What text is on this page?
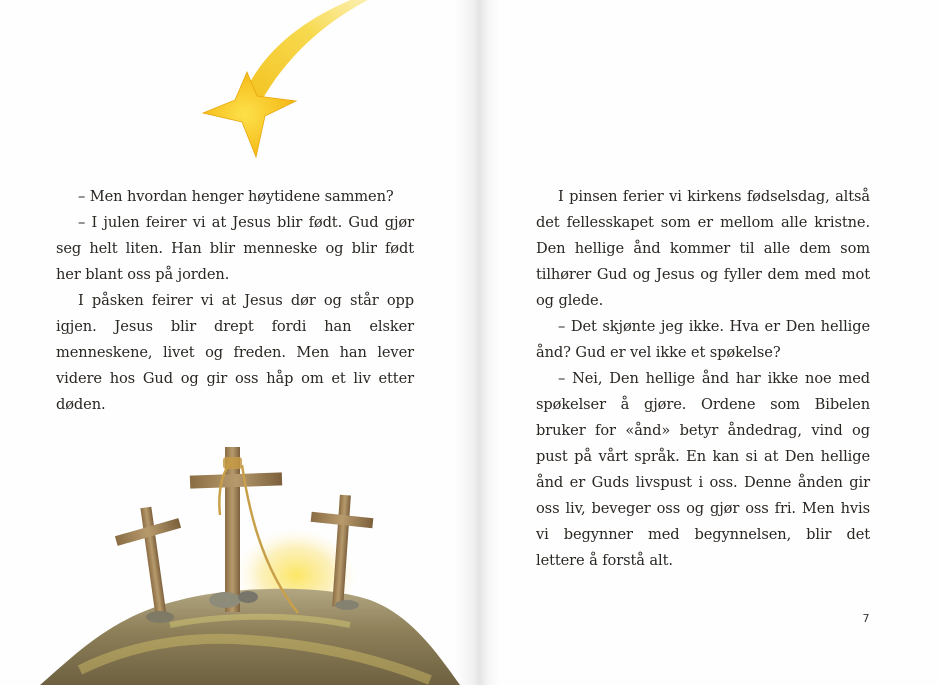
– Men hvordan henger høytidene sammen?

– I julen feirer vi at Jesus blir født. Gud gjør seg helt liten. Han blir menneske og blir født her blant oss på jorden.

I påsken feirer vi at Jesus dør og står opp igjen. Jesus blir drept fordi han elsker menneskene, livet og freden. Men han lever videre hos Gud og gir oss håp om et liv etter døden.

I pinsen ferier vi kirkens fødselsdag, altså det fellesskapet som er mellom alle kristne. Den hellige ånd kommer til alle dem som tilhører Gud og Jesus og fyller dem med mot og glede.

– Det skjønte jeg ikke. Hva er Den hellige ånd? Gud er vel ikke et spøkelse?

– Nei, Den hellige ånd har ikke noe med spøkelser å gjøre. Ordene som Bibelen bruker for «ånd» betyr åndedrag, vind og pust på vårt språk. En kan si at Den hellige ånd er Guds livspust i oss. Denne ånden gir oss liv, beveger oss og gjør oss fri. Men hvis vi begynner med begynnelsen, blir det lettere å forstå alt.

7
